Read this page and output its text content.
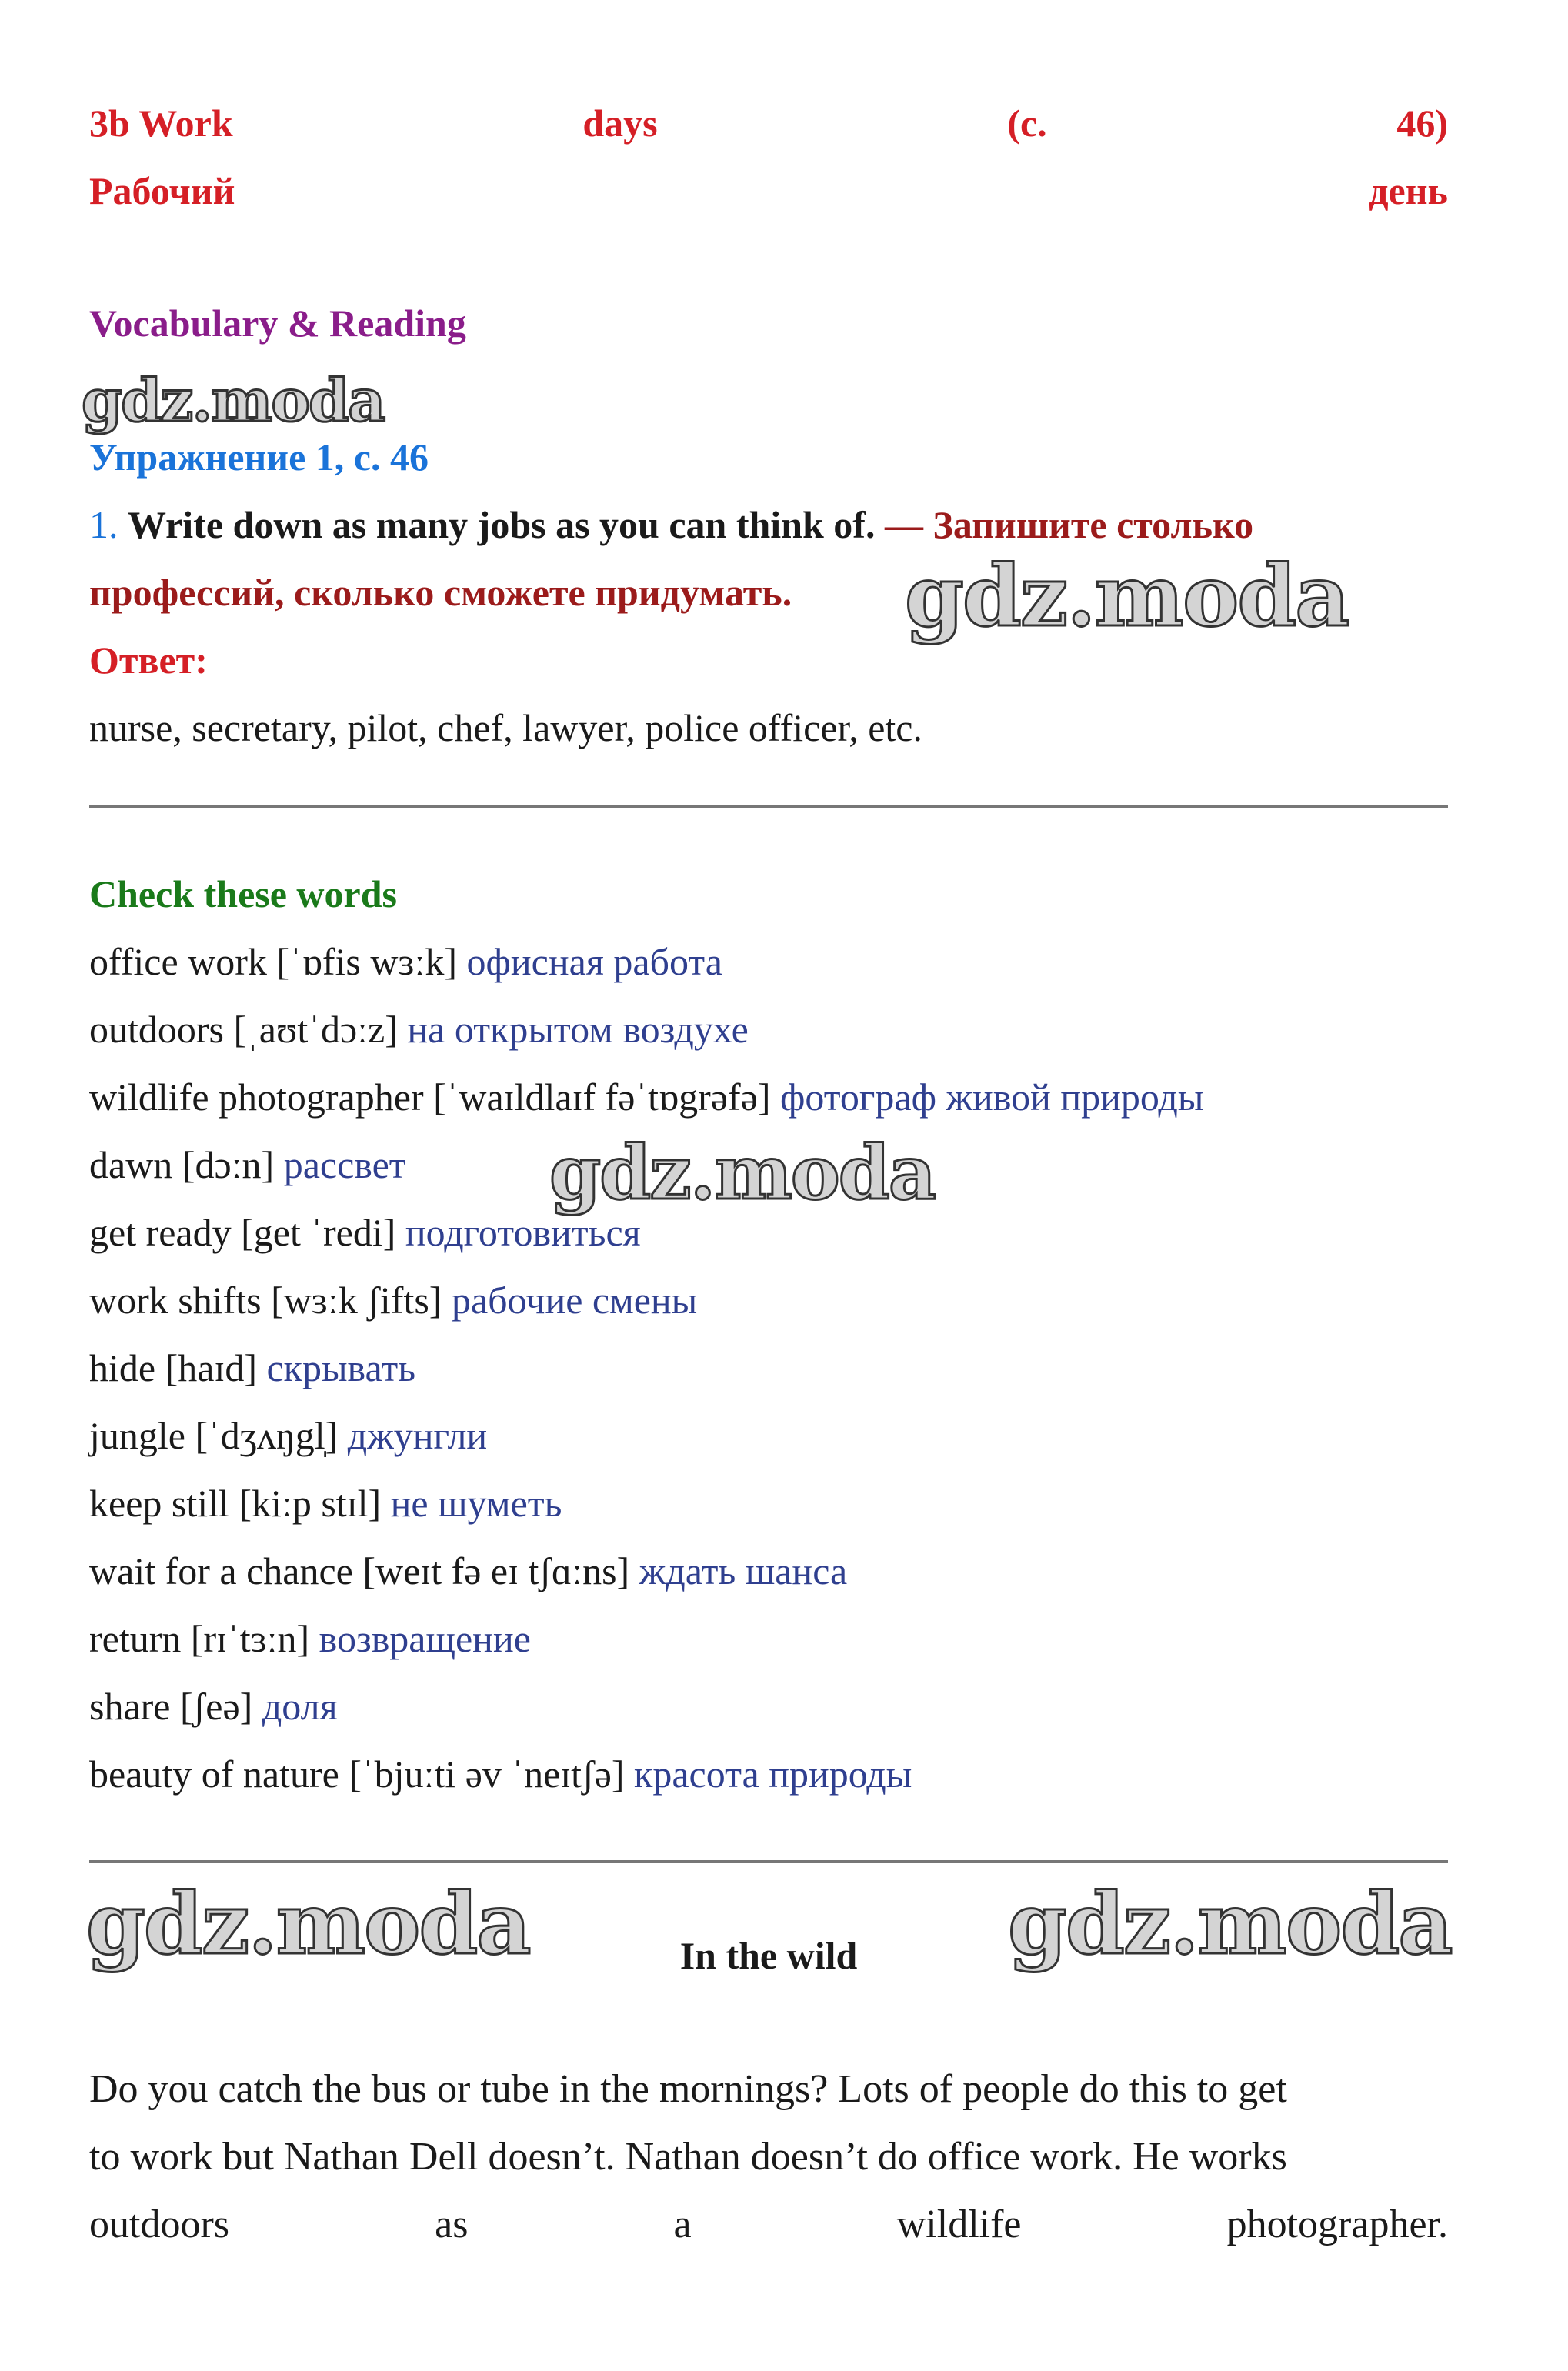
3b Work	days	(c.	46)
Рабочий	день
Vocabulary & Reading
gdz.moda
Упражнение 1, с. 46
1. Write down as many jobs as you can think of. — Запишите столько
профессий, сколько сможете придумать.	gdz.moda
Ответ:
nurse, secretary, pilot, chef, lawyer, police officer, etc.
Check these words
office work [ˈɒfis wɜːk] офисная работа
outdoors [ˌaʊtˈdɔːz] на открытом воздухе
wildlife photographer [ˈwaɪldlaɪf fəˈtɒgrəfə] фотограф живой природы
dawn [dɔːn] рассвет
get ready [get ˈredi] подготовиться
work shifts [wɜːk ʃifts] рабочие смены
hide [haɪd] скрывать
jungle [ˈdʒʌŋgl̩] джунгли
keep still [kiːp stɪl] не шуметь
wait for a chance [weɪt fə eɪ tʃɑːns] ждать шанса
return [rɪˈtɜːn] возвращение
share [ʃeə] доля
beauty of nature [ˈbjuːti əv ˈneɪtʃə] красота природы
gdz.moda
gdz.moda	gdz.moda
In the wild
Do you catch the bus or tube in the mornings? Lots of people do this to get
to work but Nathan Dell doesn’t. Nathan doesn’t do office work. He works
outdoors	as	a	wildlife	photographer.
